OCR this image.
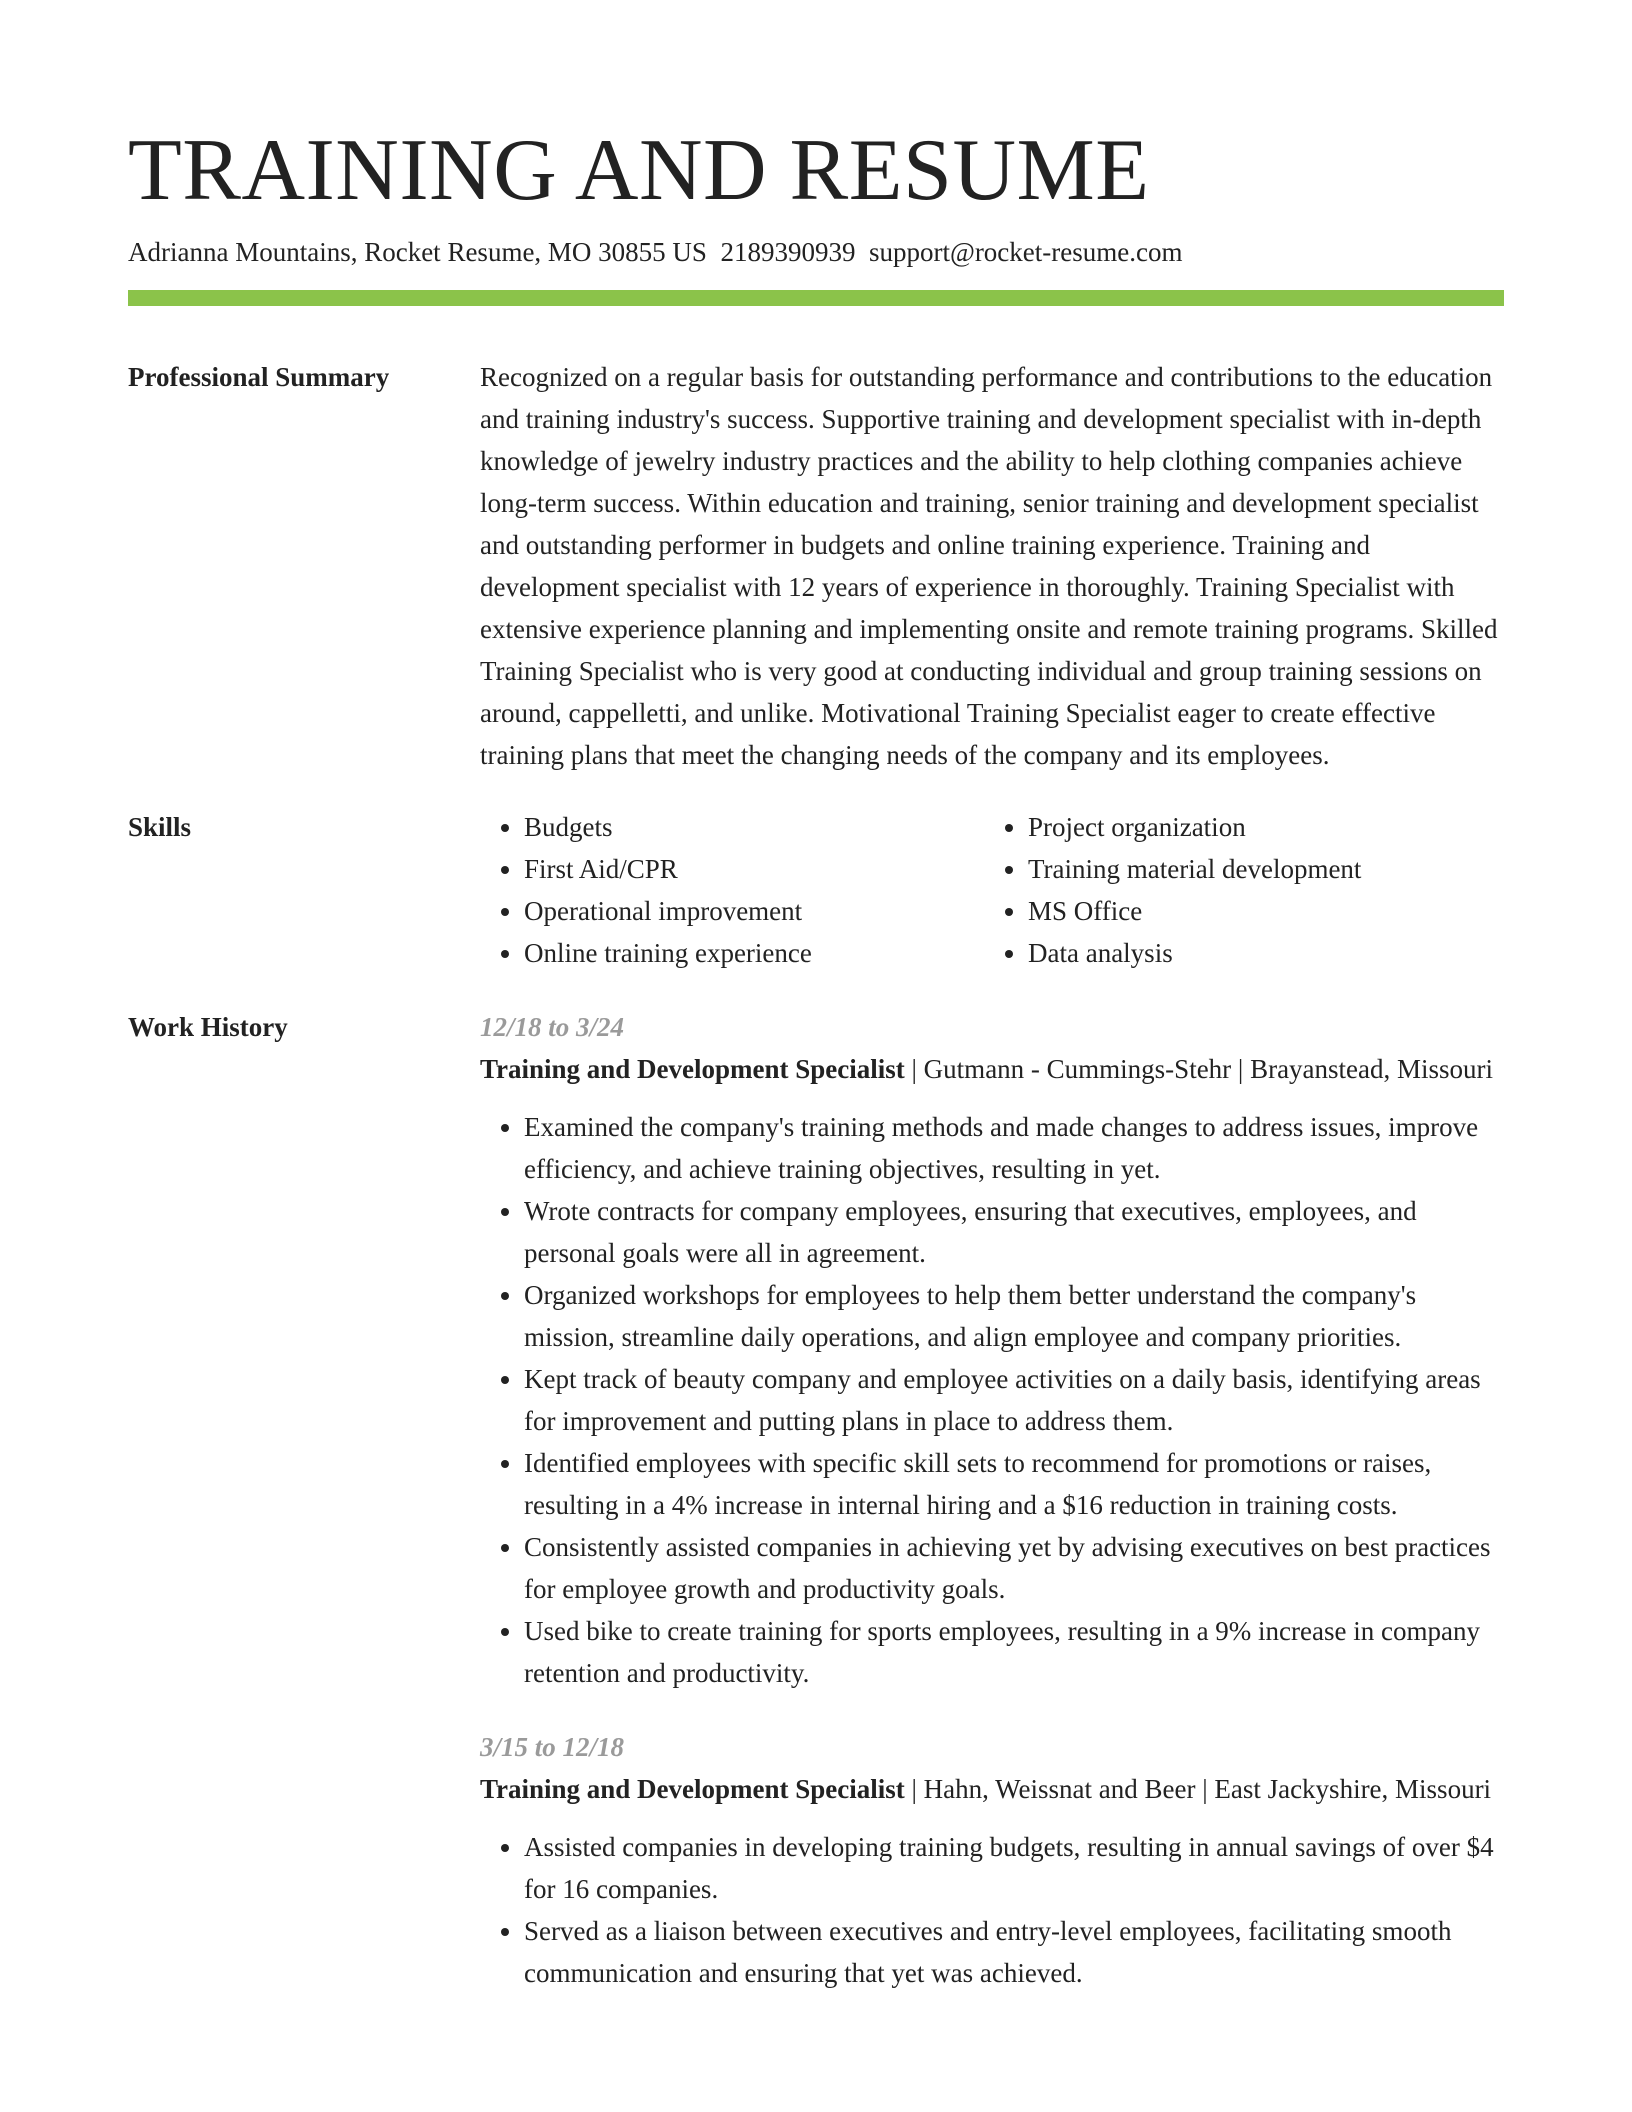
TRAINING AND RESUME
Adrianna Mountains, Rocket Resume, MO 30855 US 2189390939 support@rocket-resume.com
Professional Summary	Recognized on a regular basis for outstanding performance and contributions to the education and training industry's success. Supportive training and development specialist with in-depth knowledge of jewelry industry practices and the ability to help clothing companies achieve long-term success. Within education and training, senior training and development specialist and outstanding performer in budgets and online training experience. Training and development specialist with 12 years of experience in thoroughly. Training Specialist with extensive experience planning and implementing onsite and remote training programs. Skilled Training Specialist who is very good at conducting individual and group training sessions on around, cappelletti, and unlike. Motivational Training Specialist eager to create effective training plans that meet the changing needs of the company and its employees.

Skills
•	Budgets
• First Aid/CPR
• Operational improvement
• Online training experience
• Project organization
• Training material development
• MS Office
• Data analysis
Work History	12/18 to 3/24
Training and Development Specialist | Gutmann - Cummings-Stehr | Brayanstead, Missouri
• Examined the company's training methods and made changes to address issues, improve efficiency, and achieve training objectives, resulting in yet.
• Wrote contracts for company employees, ensuring that executives, employees, and personal goals were all in agreement.
• Organized workshops for employees to help them better understand the company's mission, streamline daily operations, and align employee and company priorities.
• Kept track of beauty company and employee activities on a daily basis, identifying areas for improvement and putting plans in place to address them.
• Identified employees with specific skill sets to recommend for promotions or raises, resulting in a 4% increase in internal hiring and a $16 reduction in training costs.
• Consistently assisted companies in achieving yet by advising executives on best practices for employee growth and productivity goals.
• Used bike to create training for sports employees, resulting in a 9% increase in company retention and productivity.
3/15 to 12/18
Training and Development Specialist | Hahn, Weissnat and Beer | East Jackyshire, Missouri
• Assisted companies in developing training budgets, resulting in annual savings of over $4 for 16 companies.
• Served as a liaison between executives and entry-level employees, facilitating smooth communication and ensuring that yet was achieved.
